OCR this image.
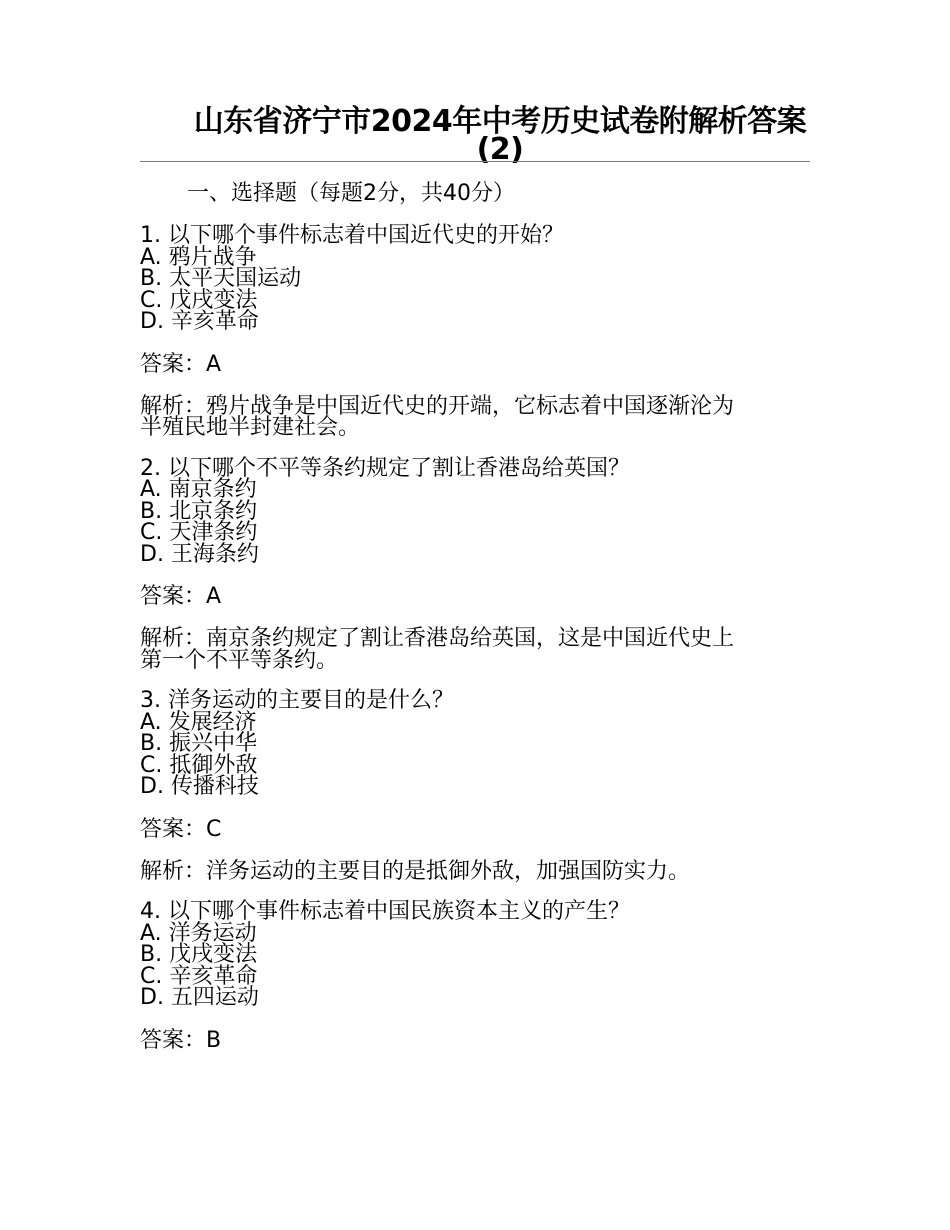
山东省济宁市2024年中考历史试卷附解析答案(2)

一、选择题（每题2分，共40分）

1. 以下哪个事件标志着中国近代史的开始？
A. 鸦片战争
B. 太平天国运动
C. 戊戌变法
D. 辛亥革命

答案：A

解析：鸦片战争是中国近代史的开端，它标志着中国逐渐沦为
半殖民地半封建社会。

2. 以下哪个不平等条约规定了割让香港岛给英国？
A. 南京条约
B. 北京条约
C. 天津条约
D. 王海条约

答案：A

解析：南京条约规定了割让香港岛给英国，这是中国近代史上
第一个不平等条约。

3. 洋务运动的主要目的是什么？
A. 发展经济
B. 振兴中华
C. 抵御外敌
D. 传播科技

答案：C

解析：洋务运动的主要目的是抵御外敌，加强国防实力。

4. 以下哪个事件标志着中国民族资本主义的产生？
A. 洋务运动
B. 戊戌变法
C. 辛亥革命
D. 五四运动

答案：B
